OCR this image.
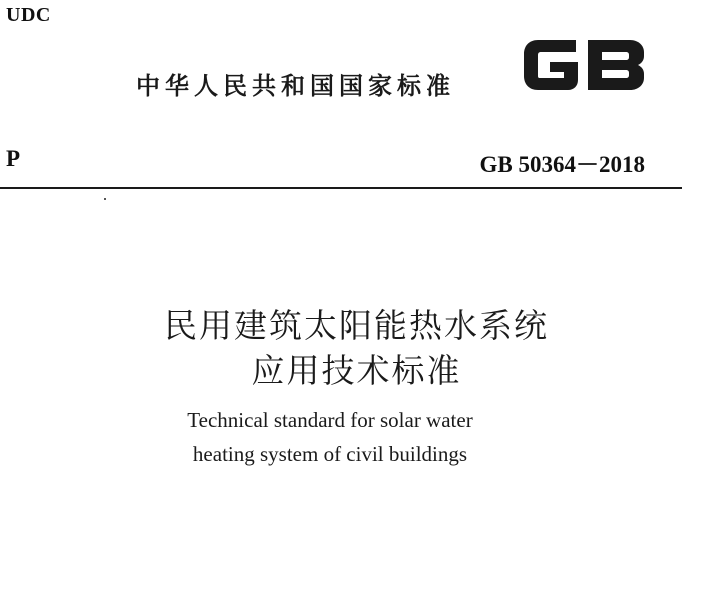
UDC
中华人民共和国国家标准
P	GB 50364－2018
民用建筑太阳能热水系统
应用技术标准
Technical standard for solar water
heating system of civil buildings
